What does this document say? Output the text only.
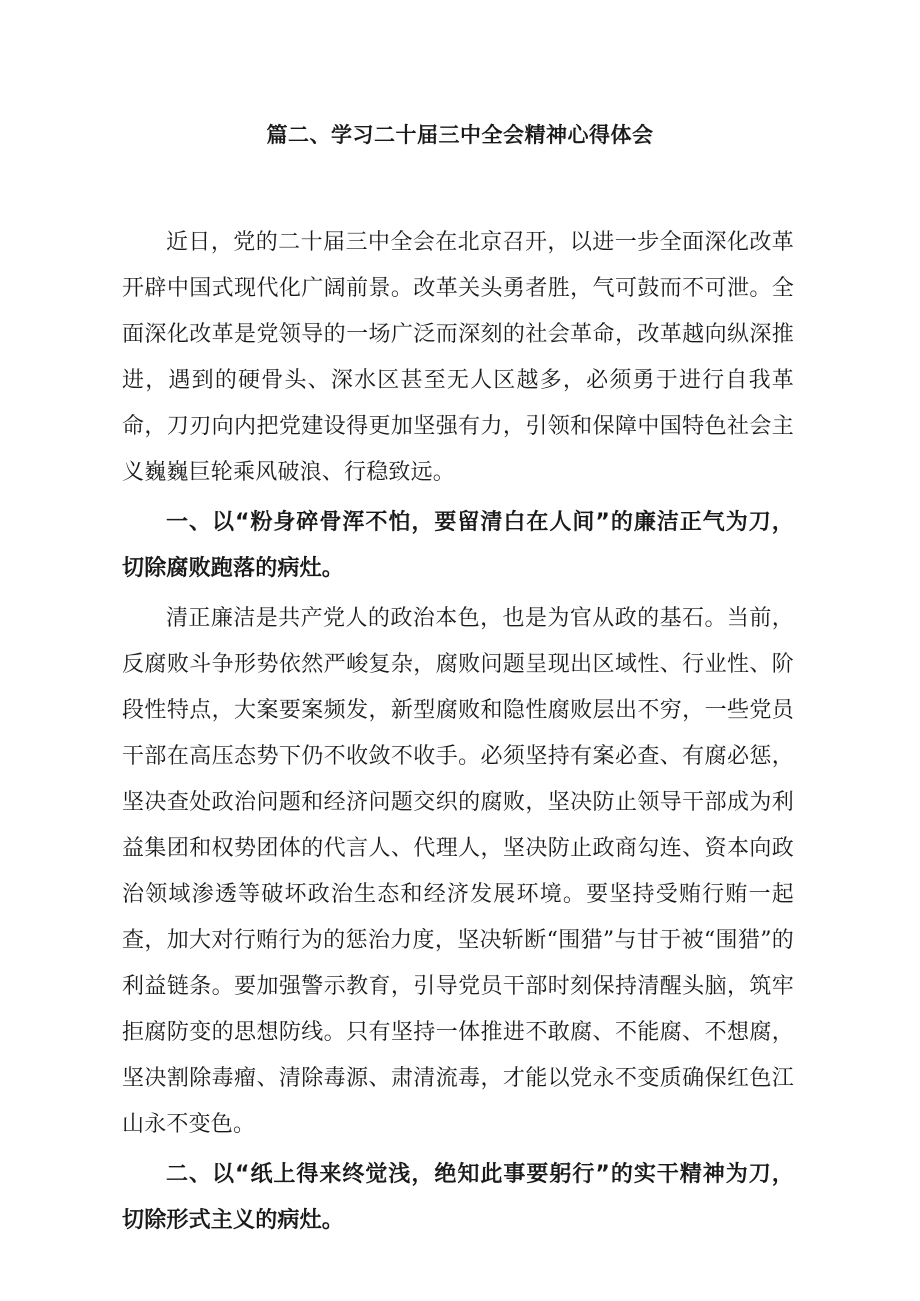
篇二、学习二十届三中全会精神心得体会

近日，党的二十届三中全会在北京召开，以进一步全面深化改革开辟中国式现代化广阔前景。改革关头勇者胜，气可鼓而不可泄。全面深化改革是党领导的一场广泛而深刻的社会革命，改革越向纵深推进，遇到的硬骨头、深水区甚至无人区越多，必须勇于进行自我革命，刀刃向内把党建设得更加坚强有力，引领和保障中国特色社会主义巍巍巨轮乘风破浪、行稳致远。

一、以“粉身碎骨浑不怕，要留清白在人间”的廉洁正气为刀，切除腐败跑落的病灶。

清正廉洁是共产党人的政治本色，也是为官从政的基石。当前，反腐败斗争形势依然严峻复杂，腐败问题呈现出区域性、行业性、阶段性特点，大案要案频发，新型腐败和隐性腐败层出不穷，一些党员干部在高压态势下仍不收敛不收手。必须坚持有案必查、有腐必惩，坚决查处政治问题和经济问题交织的腐败，坚决防止领导干部成为利益集团和权势团体的代言人、代理人，坚决防止政商勾连、资本向政治领域渗透等破坏政治生态和经济发展环境。要坚持受贿行贿一起查，加大对行贿行为的惩治力度，坚决斩断“围猎”与甘于被“围猎”的利益链条。要加强警示教育，引导党员干部时刻保持清醒头脑，筑牢拒腐防变的思想防线。只有坚持一体推进不敢腐、不能腐、不想腐，坚决割除毒瘤、清除毒源、肃清流毒，才能以党永不变质确保红色江山永不变色。

二、以“纸上得来终觉浅，绝知此事要躬行”的实干精神为刀，切除形式主义的病灶。
